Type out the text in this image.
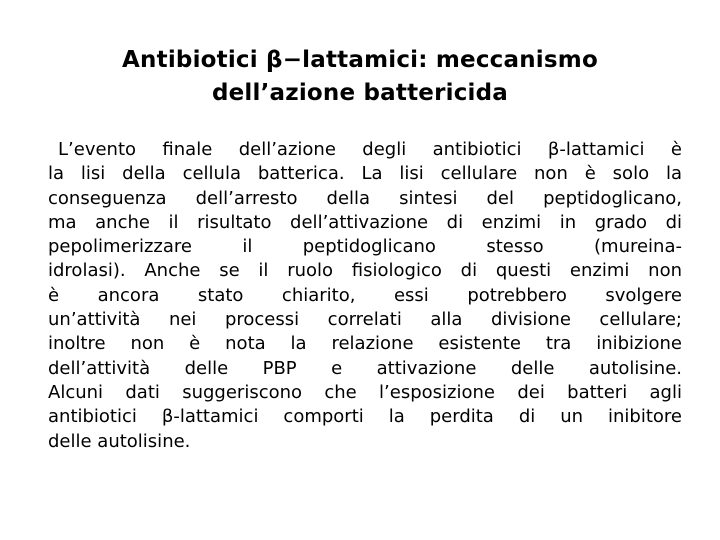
Antibiotici β−lattamici: meccanismo
dell’azione battericida
L’evento finale dell’azione degli antibiotici β-lattamici è
la lisi della cellula batterica. La lisi cellulare non è solo la
conseguenza dell’arresto della sintesi del peptidoglicano,
ma anche il risultato dell’attivazione di enzimi in grado di
pepolimerizzare il peptidoglicano stesso (mureina-
idrolasi). Anche se il ruolo fisiologico di questi enzimi non
è ancora stato chiarito, essi potrebbero svolgere
un’attività nei processi correlati alla divisione cellulare;
inoltre non è nota la relazione esistente tra inibizione
dell’attività delle PBP e attivazione delle autolisine.
Alcuni dati suggeriscono che l’esposizione dei batteri agli
antibiotici β-lattamici comporti la perdita di un inibitore
delle autolisine.
